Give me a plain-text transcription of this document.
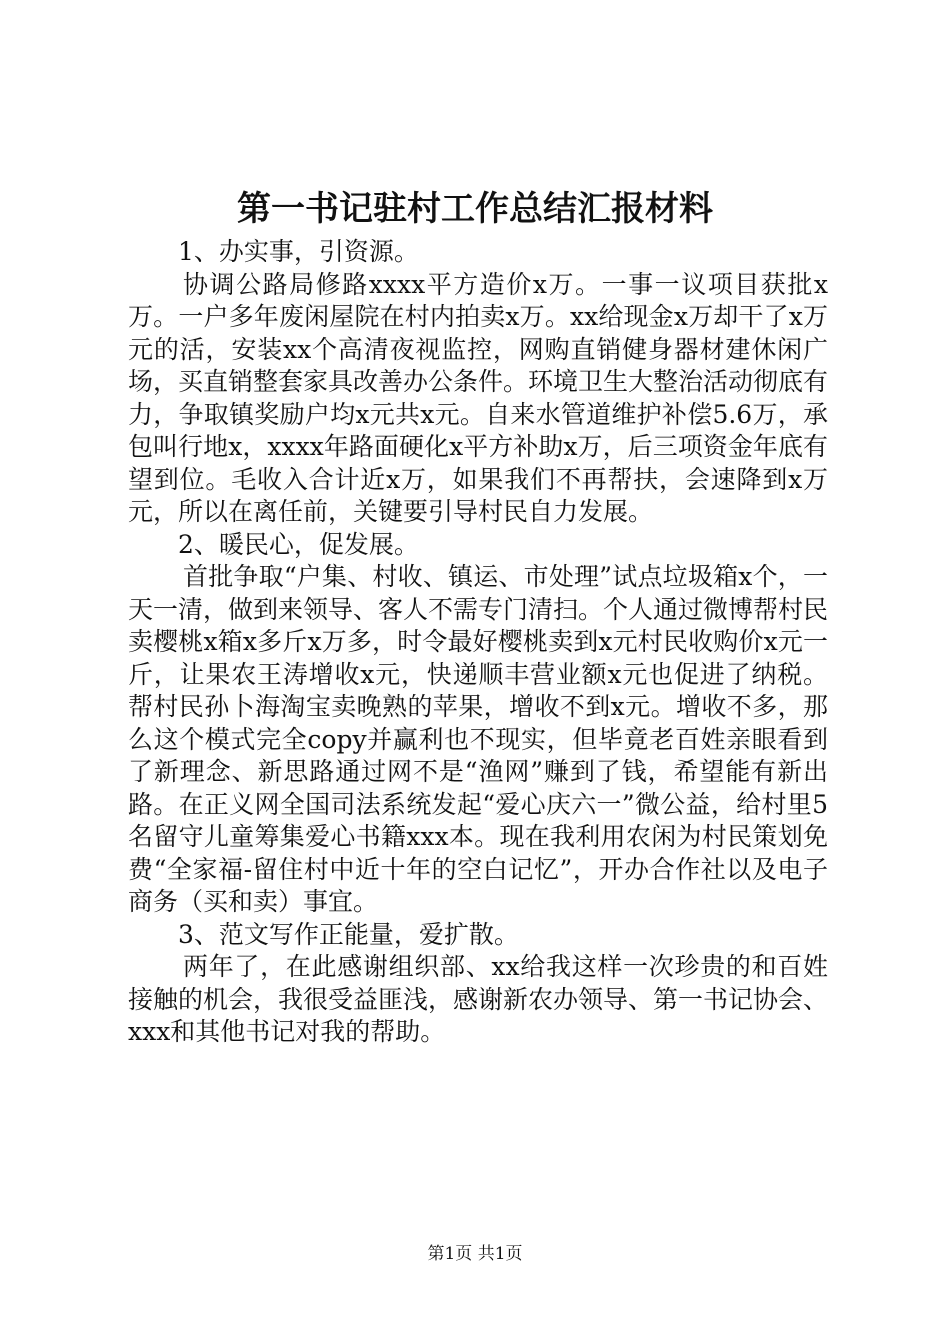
第一书记驻村工作总结汇报材料

1、办实事，引资源。

协调公路局修路xxxx平方造价x万。一事一议项目获批x万。一户多年废闲屋院在村内拍卖x万。xx给现金x万却干了x万元的活，安装xx个高清夜视监控，网购直销健身器材建休闲广场，买直销整套家具改善办公条件。环境卫生大整治活动彻底有力，争取镇奖励户均x元共x元。自来水管道维护补偿5.6万，承包叫行地x，xxxx年路面硬化x平方补助x万，后三项资金年底有望到位。毛收入合计近x万，如果我们不再帮扶，会速降到x万元，所以在离任前，关键要引导村民自力发展。

2、暖民心，促发展。

首批争取“户集、村收、镇运、市处理”试点垃圾箱x个，一天一清，做到来领导、客人不需专门清扫。个人通过微博帮村民卖樱桃x箱x多斤x万多，时令最好樱桃卖到x元村民收购价x元一斤，让果农王涛增收x元，快递顺丰营业额x元也促进了纳税。帮村民孙卜海淘宝卖晚熟的苹果，增收不到x元。增收不多，那么这个模式完全copy并赢利也不现实，但毕竟老百姓亲眼看到了新理念、新思路通过网不是“渔网”赚到了钱，希望能有新出路。在正义网全国司法系统发起“爱心庆六一”微公益，给村里5名留守儿童筹集爱心书籍xxx本。现在我利用农闲为村民策划免费“全家福-留住村中近十年的空白记忆”，开办合作社以及电子商务（买和卖）事宜。

3、范文写作正能量，爱扩散。

两年了，在此感谢组织部、xx给我这样一次珍贵的和百姓接触的机会，我很受益匪浅，感谢新农办领导、第一书记协会、xxx和其他书记对我的帮助。

第1页 共1页
